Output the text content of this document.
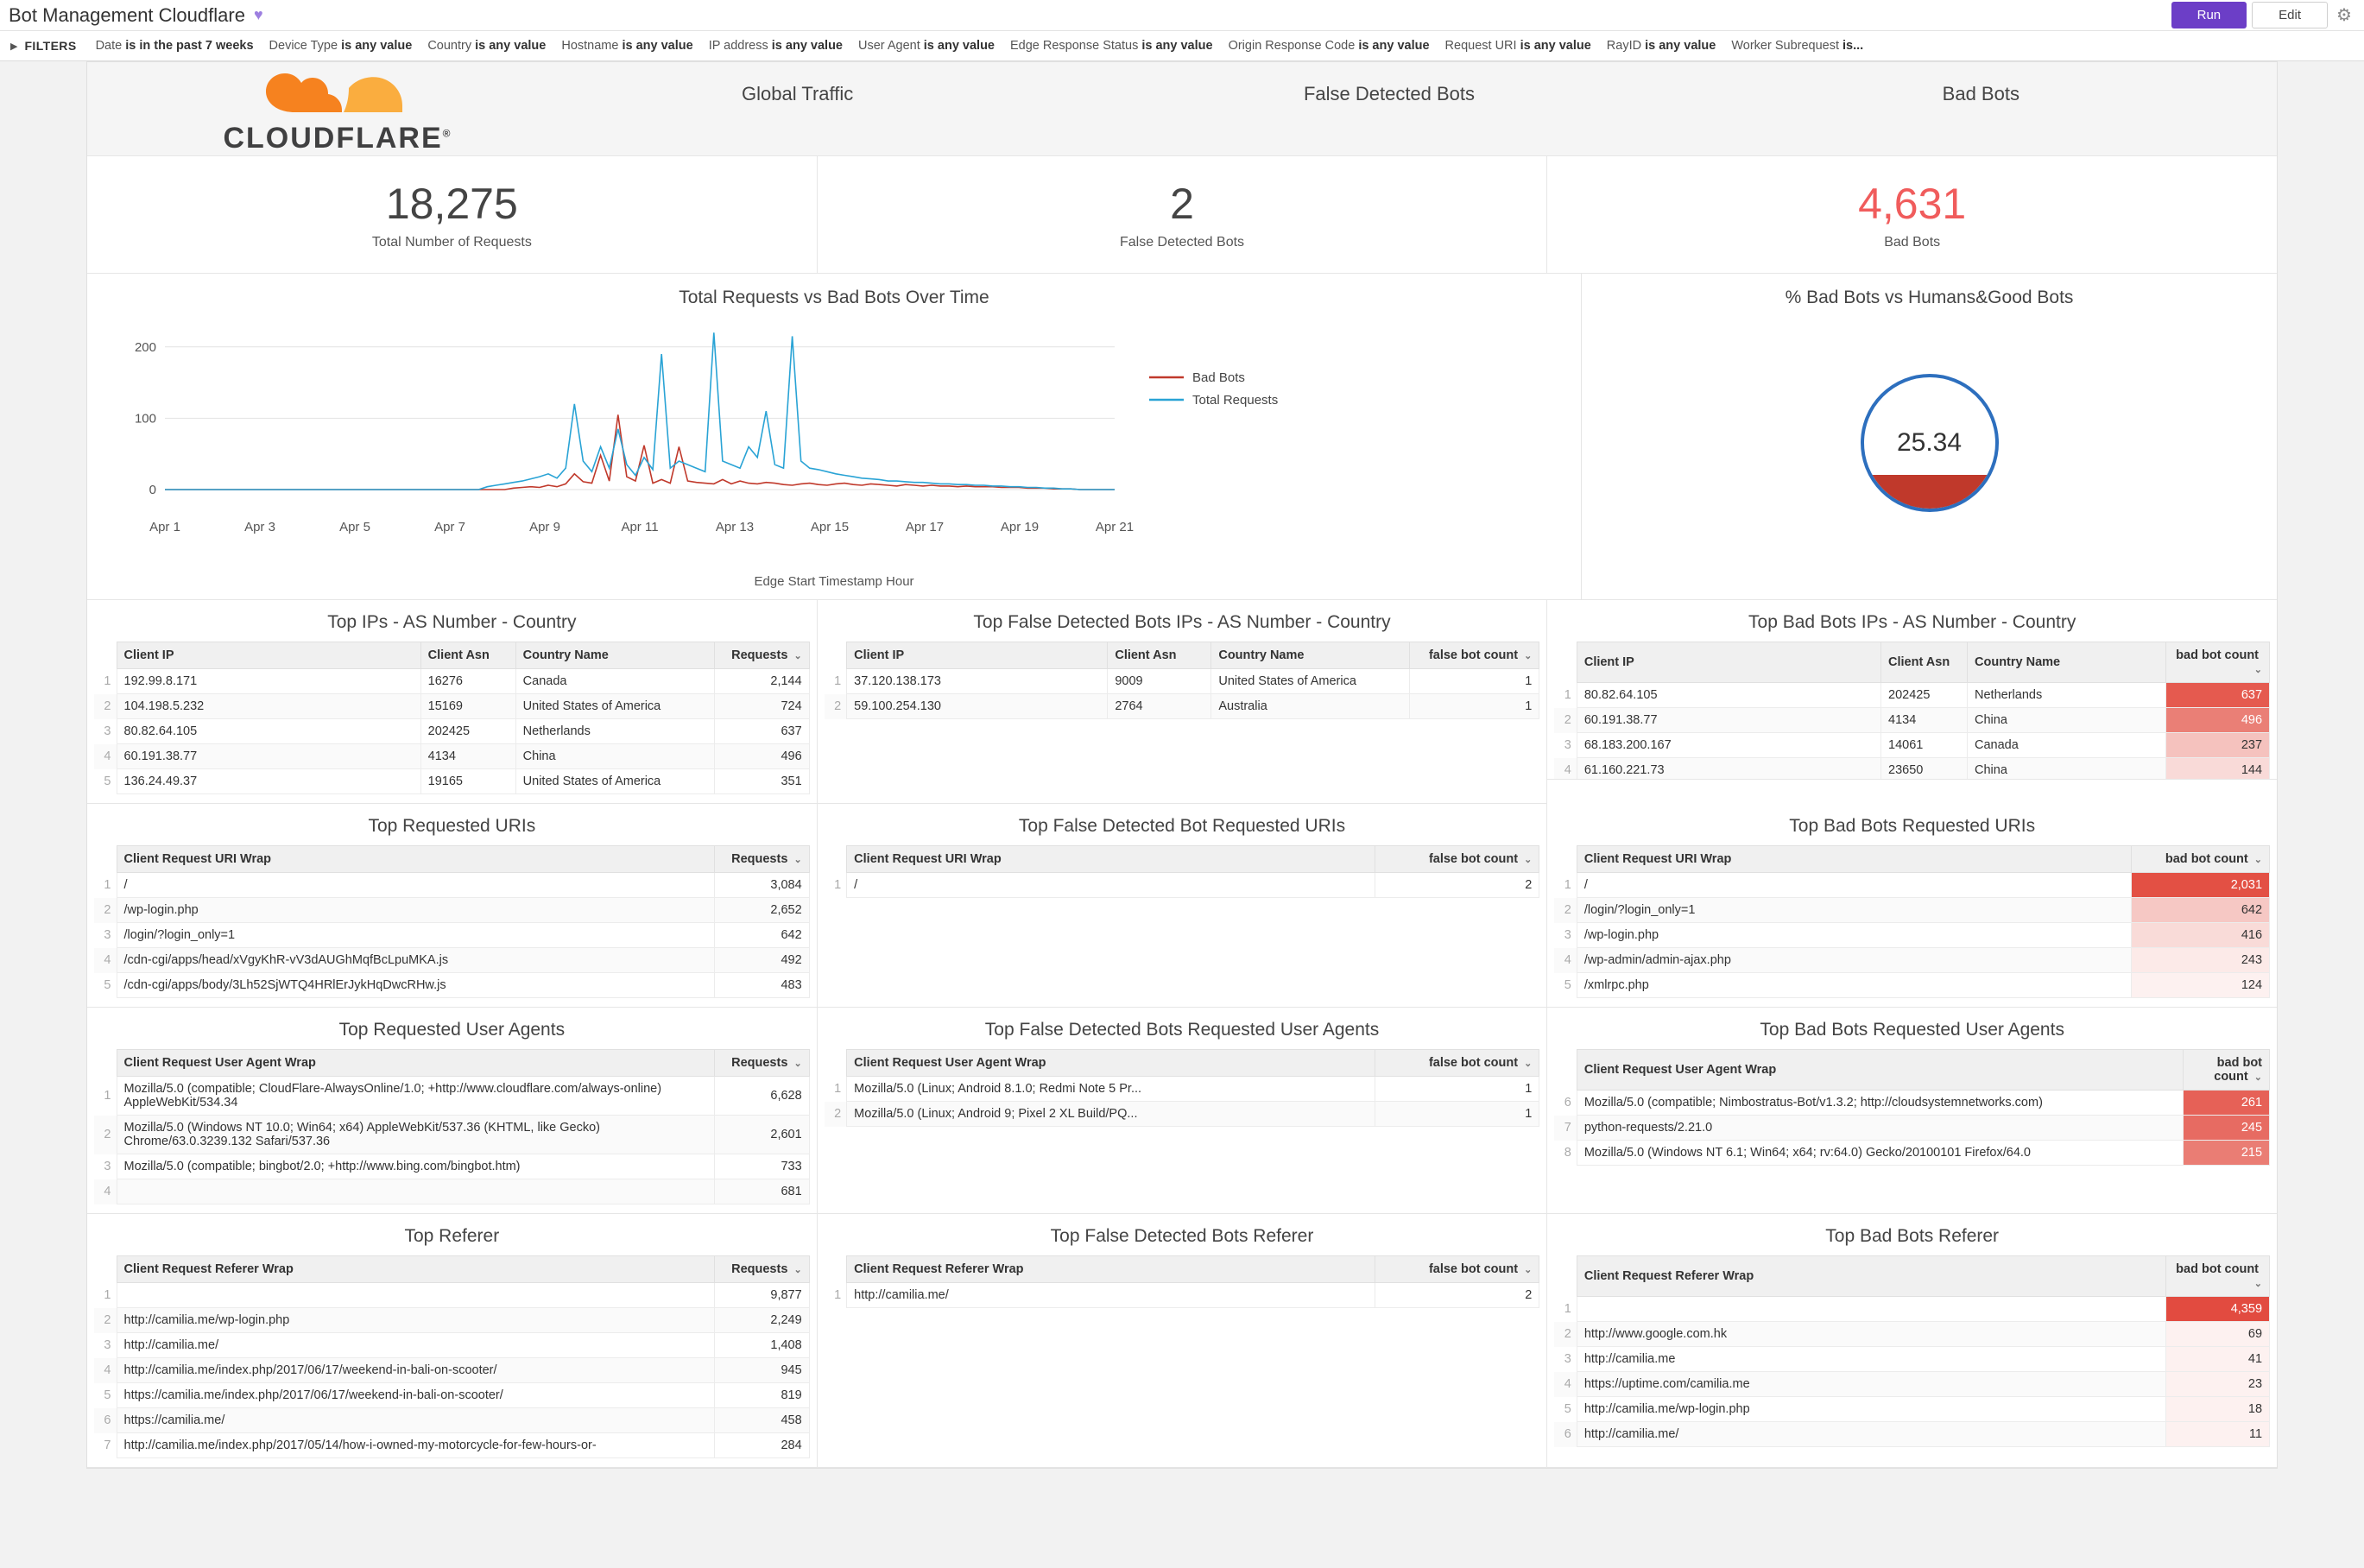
Bot Management Cloudflare ♥	Run	Edit	⚙
▶ FILTERS Date is in the past 7 weeks Device Type is any value Country is any value Hostname is any value IP address is any value User Agent is any value Edge Response Status is any value Origin Response Code is any value Request URI is any value RayID is any value Worker Subrequest is...
CLOUDFLARE®
Global Traffic	False Detected Bots	Bad Bots
18,275
Total Number of Requests
2
False Detected Bots
4,631
Bad Bots
Total Requests vs Bad Bots Over Time
0
100
200
Bad Bots
Total Requests
Apr 1	Apr 3	Apr 5	Apr 7	Apr 9	Apr 11	Apr 13	Apr 15	Apr 17	Apr 19	Apr 21
Edge Start Timestamp Hour
% Bad Bots vs Humans&Good Bots
25.34
Top IPs - AS Number - Country
	Client IP	Client Asn	Country Name	Requests ⌄
1	192.99.8.171	16276	Canada	2,144
2	104.198.5.232	15169	United States of America	724
3	80.82.64.105	202425	Netherlands	637
4	60.191.38.77	4134	China	496
5	136.24.49.37	19165	United States of America	351
Top False Detected Bots IPs - AS Number - Country
	Client IP	Client Asn	Country Name	false bot count ⌄
1	37.120.138.173	9009	United States of America	1
2	59.100.254.130	2764	Australia	1
Top Bad Bots IPs - AS Number - Country
	Client IP	Client Asn	Country Name	bad bot count ⌄
1	80.82.64.105	202425	Netherlands	637
2	60.191.38.77	4134	China	496
3	68.183.200.167	14061	Canada	237
4	61.160.221.73	23650	China	144
Top Requested URIs
	Client Request URI Wrap	Requests ⌄
1	/	3,084
2	/wp-login.php	2,652
3	/login/?login_only=1	642
4	/cdn-cgi/apps/head/xVgyKhR-vV3dAUGhMqfBcLpuMKA.js	492
5	/cdn-cgi/apps/body/3Lh52SjWTQ4HRlErJykHqDwcRHw.js	483
Top False Detected Bot Requested URIs
	Client Request URI Wrap	false bot count ⌄
1	/	2
Top Bad Bots Requested URIs
	Client Request URI Wrap	bad bot count ⌄
1	/	2,031
2	/login/?login_only=1	642
3	/wp-login.php	416
4	/wp-admin/admin-ajax.php	243
5	/xmlrpc.php	124
Top Requested User Agents
	Client Request User Agent Wrap	Requests ⌄
1	Mozilla/5.0 (compatible; CloudFlare-AlwaysOnline/1.0; +http://www.cloudflare.com/always-online) AppleWebKit/534.34	6,628
2	Mozilla/5.0 (Windows NT 10.0; Win64; x64) AppleWebKit/537.36 (KHTML, like Gecko) Chrome/63.0.3239.132 Safari/537.36	2,601
3	Mozilla/5.0 (compatible; bingbot/2.0; +http://www.bing.com/bingbot.htm)	733
4		681
Top False Detected Bots Requested User Agents
	Client Request User Agent Wrap	false bot count ⌄
1	Mozilla/5.0 (Linux; Android 8.1.0; Redmi Note 5 Pr...	1
2	Mozilla/5.0 (Linux; Android 9; Pixel 2 XL Build/PQ...	1
Top Bad Bots Requested User Agents
	Client Request User Agent Wrap	bad bot count ⌄
6	Mozilla/5.0 (compatible; Nimbostratus-Bot/v1.3.2; http://cloudsystemnetworks.com)	261
7	python-requests/2.21.0	245
8	Mozilla/5.0 (Windows NT 6.1; Win64; x64; rv:64.0) Gecko/20100101 Firefox/64.0	215
Top Referer
	Client Request Referer Wrap	Requests ⌄
1		9,877
2	http://camilia.me/wp-login.php	2,249
3	http://camilia.me/	1,408
4	http://camilia.me/index.php/2017/06/17/weekend-in-bali-on-scooter/	945
5	https://camilia.me/index.php/2017/06/17/weekend-in-bali-on-scooter/	819
6	https://camilia.me/	458
7	http://camilia.me/index.php/2017/05/14/how-i-owned-my-motorcycle-for-few-hours-or-	284
Top False Detected Bots Referer
	Client Request Referer Wrap	false bot count ⌄
1	http://camilia.me/	2
Top Bad Bots Referer
	Client Request Referer Wrap	bad bot count ⌄
1		4,359
2	http://www.google.com.hk	69
3	http://camilia.me	41
4	https://uptime.com/camilia.me	23
5	http://camilia.me/wp-login.php	18
6	http://camilia.me/	11
